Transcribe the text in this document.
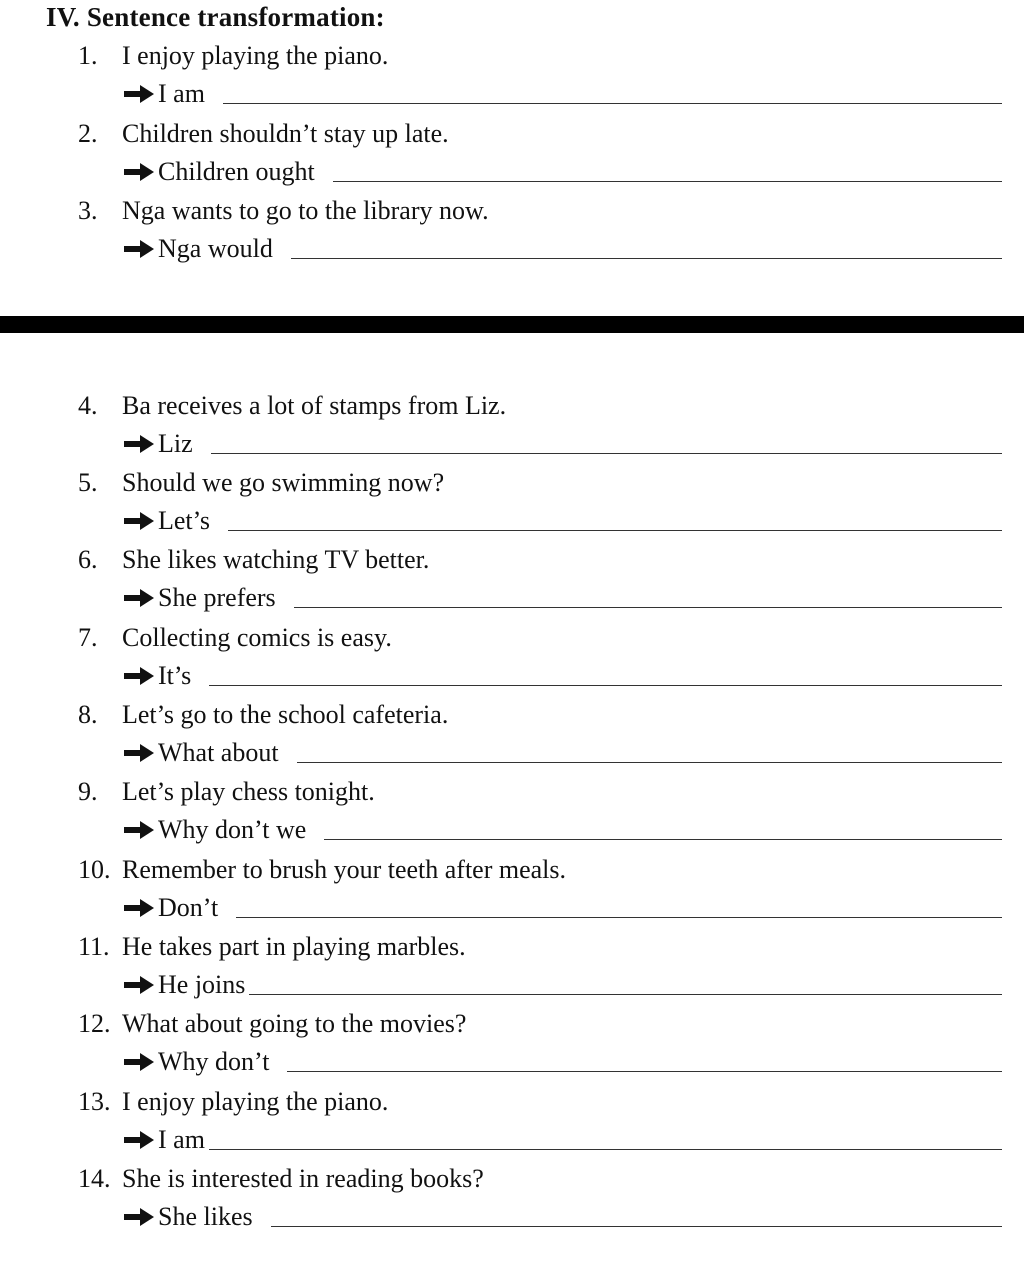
IV. Sentence transformation:
1. I enjoy playing the piano.
I am
2. Children shouldn’t stay up late.
Children ought
3. Nga wants to go to the library now.
Nga would
4. Ba receives a lot of stamps from Liz.
Liz
5. Should we go swimming now?
Let’s
6. She likes watching TV better.
She prefers
7. Collecting comics is easy.
It’s
8. Let’s go to the school cafeteria.
What about
9. Let’s play chess tonight.
Why don’t we
10. Remember to brush your teeth after meals.
Don’t
11. He takes part in playing marbles.
He joins
12. What about going to the movies?
Why don’t
13. I enjoy playing the piano.
I am
14. She is interested in reading books?
She likes
